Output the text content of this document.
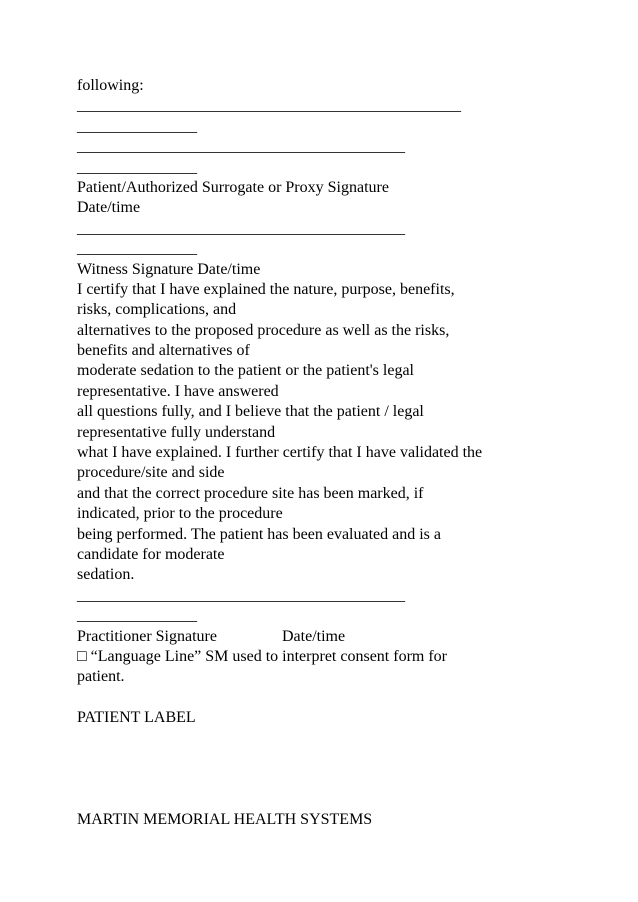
following:
________________________________________________
_______________
_________________________________________
_______________
Patient/Authorized Surrogate or Proxy Signature
Date/time
_________________________________________
_______________
Witness Signature Date/time
I certify that I have explained the nature, purpose, benefits,
risks, complications, and
alternatives to the proposed procedure as well as the risks,
benefits and alternatives of
moderate sedation to the patient or the patient's legal
representative. I have answered
all questions fully, and I believe that the patient / legal
representative fully understand
what I have explained. I further certify that I have validated the
procedure/site and side
and that the correct procedure site has been marked, if
indicated, prior to the procedure
being performed. The patient has been evaluated and is a
candidate for moderate
sedation.
_________________________________________
_______________
Practitioner Signature	Date/time
□ “Language Line” SM used to interpret consent form for
patient.
PATIENT LABEL
MARTIN MEMORIAL HEALTH SYSTEMS
